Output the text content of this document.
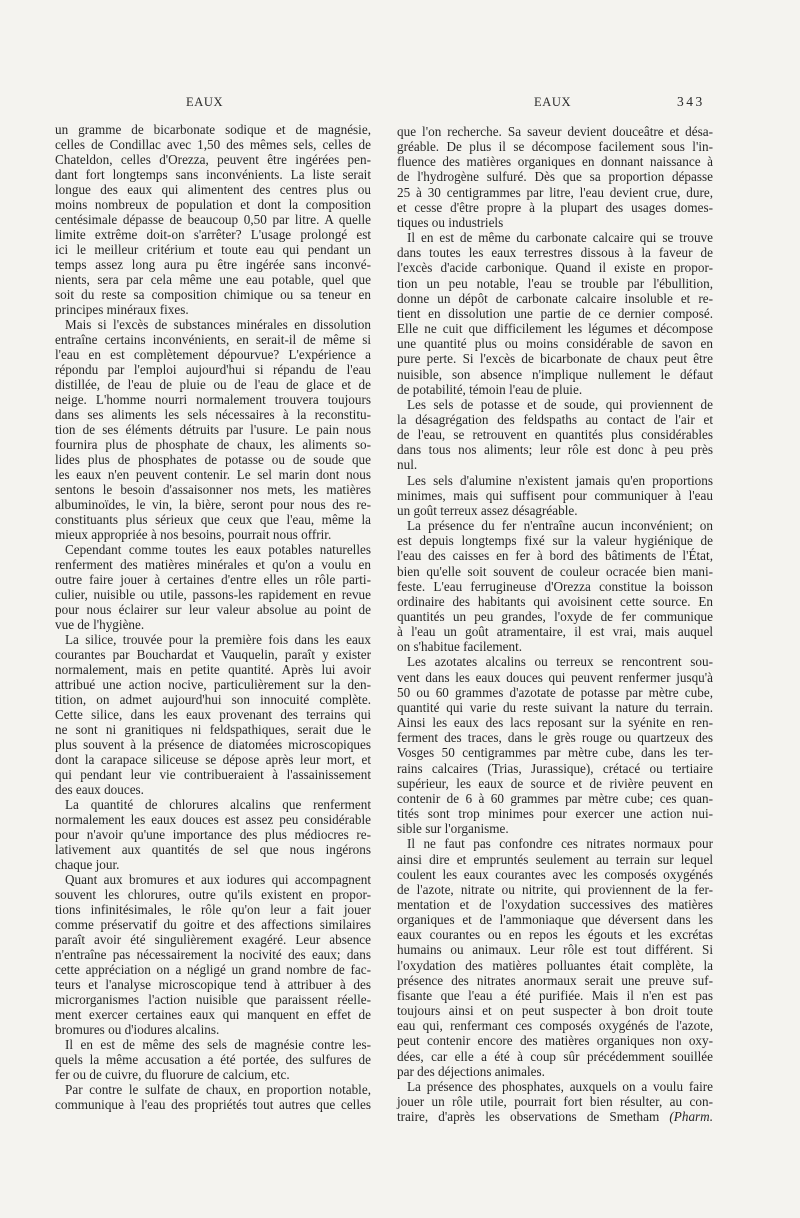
EAUX	EAUX	343
un gramme de bicarbonate sodique et de magnésie,
celles de Condillac avec 1,50 des mêmes sels, celles de
Chateldon, celles d'Orezza, peuvent être ingérées pen-
dant fort longtemps sans inconvénients. La liste serait
longue des eaux qui alimentent des centres plus ou
moins nombreux de population et dont la composition
centésimale dépasse de beaucoup 0,50 par litre. A quelle
limite extrême doit-on s'arrêter? L'usage prolongé est
ici le meilleur critérium et toute eau qui pendant un
temps assez long aura pu être ingérée sans inconvé-
nients, sera par cela même une eau potable, quel que
soit du reste sa composition chimique ou sa teneur en
principes minéraux fixes.
Mais si l'excès de substances minérales en dissolution
entraîne certains inconvénients, en serait-il de même si
l'eau en est complètement dépourvue? L'expérience a
répondu par l'emploi aujourd'hui si répandu de l'eau
distillée, de l'eau de pluie ou de l'eau de glace et de
neige. L'homme nourri normalement trouvera toujours
dans ses aliments les sels nécessaires à la reconstitu-
tion de ses éléments détruits par l'usure. Le pain nous
fournira plus de phosphate de chaux, les aliments so-
lides plus de phosphates de potasse ou de soude que
les eaux n'en peuvent contenir. Le sel marin dont nous
sentons le besoin d'assaisonner nos mets, les matières
albuminoïdes, le vin, la bière, seront pour nous des re-
constituants plus sérieux que ceux que l'eau, même la
mieux appropriée à nos besoins, pourrait nous offrir.
Cependant comme toutes les eaux potables naturelles
renferment des matières minérales et qu'on a voulu en
outre faire jouer à certaines d'entre elles un rôle parti-
culier, nuisible ou utile, passons-les rapidement en revue
pour nous éclairer sur leur valeur absolue au point de
vue de l'hygiène.
La silice, trouvée pour la première fois dans les eaux
courantes par Bouchardat et Vauquelin, paraît y exister
normalement, mais en petite quantité. Après lui avoir
attribué une action nocive, particulièrement sur la den-
tition, on admet aujourd'hui son innocuité complète.
Cette silice, dans les eaux provenant des terrains qui
ne sont ni granitiques ni feldspathiques, serait due le
plus souvent à la présence de diatomées microscopiques
dont la carapace siliceuse se dépose après leur mort, et
qui pendant leur vie contribueraient à l'assainissement
des eaux douces.
La quantité de chlorures alcalins que renferment
normalement les eaux douces est assez peu considérable
pour n'avoir qu'une importance des plus médiocres re-
lativement aux quantités de sel que nous ingérons
chaque jour.
Quant aux bromures et aux iodures qui accompagnent
souvent les chlorures, outre qu'ils existent en propor-
tions infinitésimales, le rôle qu'on leur a fait jouer
comme préservatif du goitre et des affections similaires
paraît avoir été singulièrement exagéré. Leur absence
n'entraîne pas nécessairement la nocivité des eaux; dans
cette appréciation on a négligé un grand nombre de fac-
teurs et l'analyse microscopique tend à attribuer à des
microrganismes l'action nuisible que paraissent réelle-
ment exercer certaines eaux qui manquent en effet de
bromures ou d'iodures alcalins.
Il en est de même des sels de magnésie contre les-
quels la même accusation a été portée, des sulfures de
fer ou de cuivre, du fluorure de calcium, etc.
Par contre le sulfate de chaux, en proportion notable,
communique à l'eau des propriétés tout autres que celles
que l'on recherche. Sa saveur devient douceâtre et désa-
gréable. De plus il se décompose facilement sous l'in-
fluence des matières organiques en donnant naissance à
de l'hydrogène sulfuré. Dès que sa proportion dépasse
25 à 30 centigrammes par litre, l'eau devient crue, dure,
et cesse d'être propre à la plupart des usages domes-
tiques ou industriels
Il en est de même du carbonate calcaire qui se trouve
dans toutes les eaux terrestres dissous à la faveur de
l'excès d'acide carbonique. Quand il existe en propor-
tion un peu notable, l'eau se trouble par l'ébullition,
donne un dépôt de carbonate calcaire insoluble et re-
tient en dissolution une partie de ce dernier composé.
Elle ne cuit que difficilement les légumes et décompose
une quantité plus ou moins considérable de savon en
pure perte. Si l'excès de bicarbonate de chaux peut être
nuisible, son absence n'implique nullement le défaut
de potabilité, témoin l'eau de pluie.
Les sels de potasse et de soude, qui proviennent de
la désagrégation des feldspaths au contact de l'air et
de l'eau, se retrouvent en quantités plus considérables
dans tous nos aliments; leur rôle est donc à peu près
nul.
Les sels d'alumine n'existent jamais qu'en proportions
minimes, mais qui suffisent pour communiquer à l'eau
un goût terreux assez désagréable.
La présence du fer n'entraîne aucun inconvénient; on
est depuis longtemps fixé sur la valeur hygiénique de
l'eau des caisses en fer à bord des bâtiments de l'État,
bien qu'elle soit souvent de couleur ocracée bien mani-
feste. L'eau ferrugineuse d'Orezza constitue la boisson
ordinaire des habitants qui avoisinent cette source. En
quantités un peu grandes, l'oxyde de fer communique
à l'eau un goût atramentaire, il est vrai, mais auquel
on s'habitue facilement.
Les azotates alcalins ou terreux se rencontrent sou-
vent dans les eaux douces qui peuvent renfermer jusqu'à
50 ou 60 grammes d'azotate de potasse par mètre cube,
quantité qui varie du reste suivant la nature du terrain.
Ainsi les eaux des lacs reposant sur la syénite en ren-
ferment des traces, dans le grès rouge ou quartzeux des
Vosges 50 centigrammes par mètre cube, dans les ter-
rains calcaires (Trias, Jurassique), crétacé ou tertiaire
supérieur, les eaux de source et de rivière peuvent en
contenir de 6 à 60 grammes par mètre cube; ces quan-
tités sont trop minimes pour exercer une action nui-
sible sur l'organisme.
Il ne faut pas confondre ces nitrates normaux pour
ainsi dire et empruntés seulement au terrain sur lequel
coulent les eaux courantes avec les composés oxygénés
de l'azote, nitrate ou nitrite, qui proviennent de la fer-
mentation et de l'oxydation successives des matières
organiques et de l'ammoniaque que déversent dans les
eaux courantes ou en repos les égouts et les excrétas
humains ou animaux. Leur rôle est tout différent. Si
l'oxydation des matières polluantes était complète, la
présence des nitrates anormaux serait une preuve suf-
fisante que l'eau a été purifiée. Mais il n'en est pas
toujours ainsi et on peut suspecter à bon droit toute
eau qui, renfermant ces composés oxygénés de l'azote,
peut contenir encore des matières organiques non oxy-
dées, car elle a été à coup sûr précédemment souillée
par des déjections animales.
La présence des phosphates, auxquels on a voulu faire
jouer un rôle utile, pourrait fort bien résulter, au con-
traire, d'après les observations de Smetham (Pharm.
